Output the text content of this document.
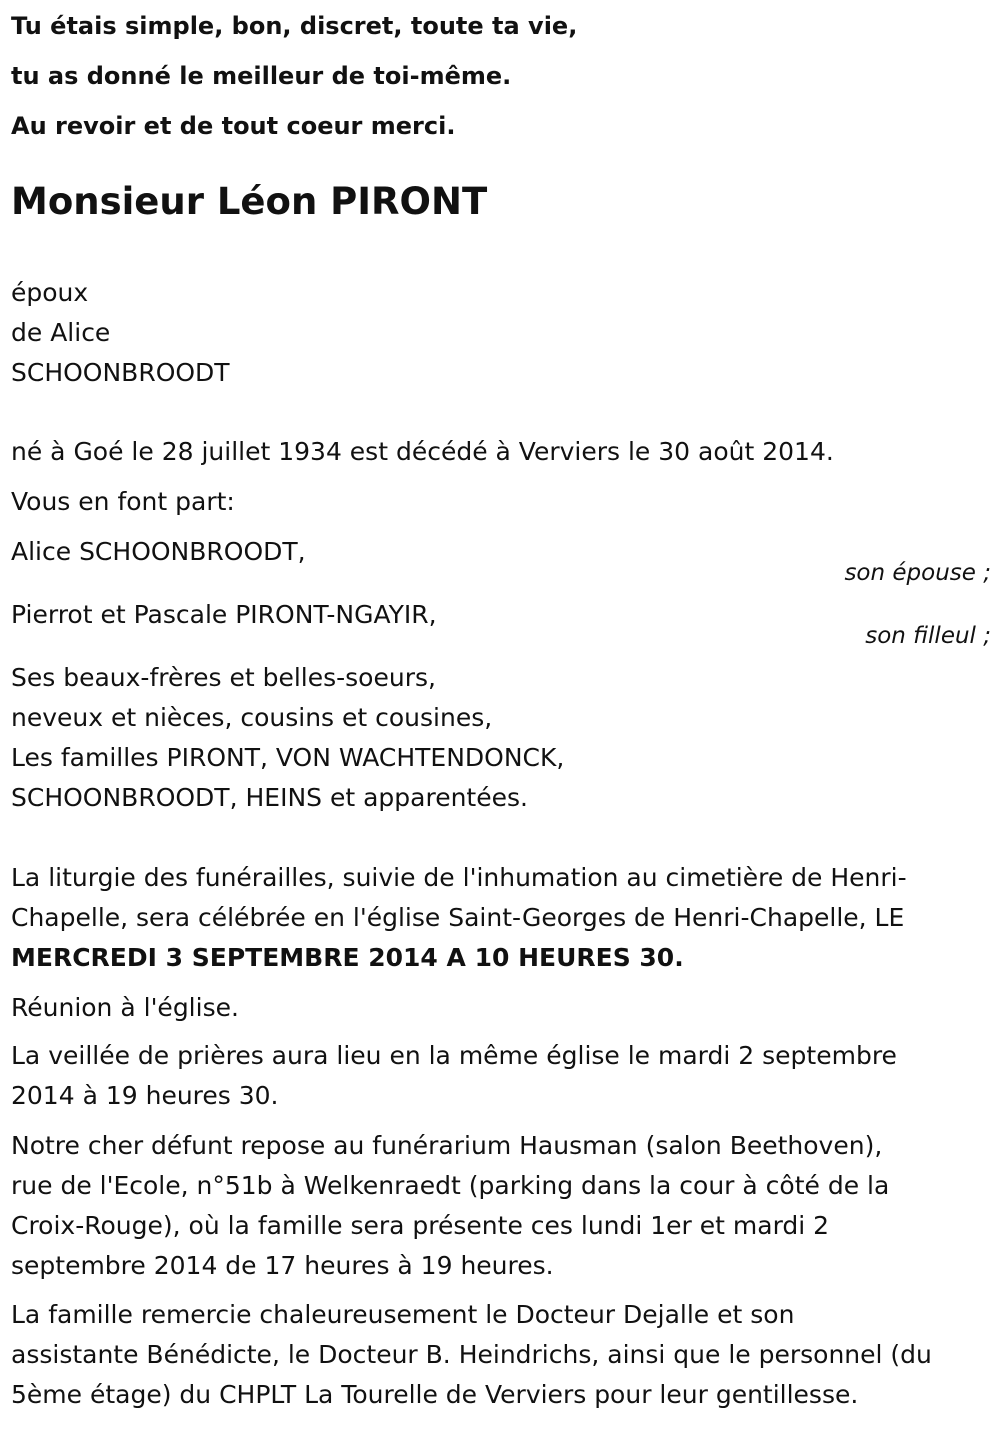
Tu étais simple, bon, discret, toute ta vie,
tu as donné le meilleur de toi-même.
Au revoir et de tout coeur merci.
Monsieur Léon PIRONT
époux
de Alice
SCHOONBROODT
né à Goé le 28 juillet 1934 est décédé à Verviers le 30 août 2014.
Vous en font part:
Alice SCHOONBROODT,
son épouse ;
Pierrot et Pascale PIRONT-NGAYIR,
son filleul ;
Ses beaux-frères et belles-soeurs,
neveux et nièces, cousins et cousines,
Les familles PIRONT, VON WACHTENDONCK,
SCHOONBROODT, HEINS et apparentées.
La liturgie des funérailles, suivie de l'inhumation au cimetière de Henri-
Chapelle, sera célébrée en l'église Saint-Georges de Henri-Chapelle, LE
MERCREDI 3 SEPTEMBRE 2014 A 10 HEURES 30.
Réunion à l'église.
La veillée de prières aura lieu en la même église le mardi 2 septembre
2014 à 19 heures 30.
Notre cher défunt repose au funérarium Hausman (salon Beethoven),
rue de l'Ecole, n°51b à Welkenraedt (parking dans la cour à côté de la
Croix-Rouge), où la famille sera présente ces lundi 1er et mardi 2
septembre 2014 de 17 heures à 19 heures.
La famille remercie chaleureusement le Docteur Dejalle et son
assistante Bénédicte, le Docteur B. Heindrichs, ainsi que le personnel (du
5ème étage) du CHPLT La Tourelle de Verviers pour leur gentillesse.
